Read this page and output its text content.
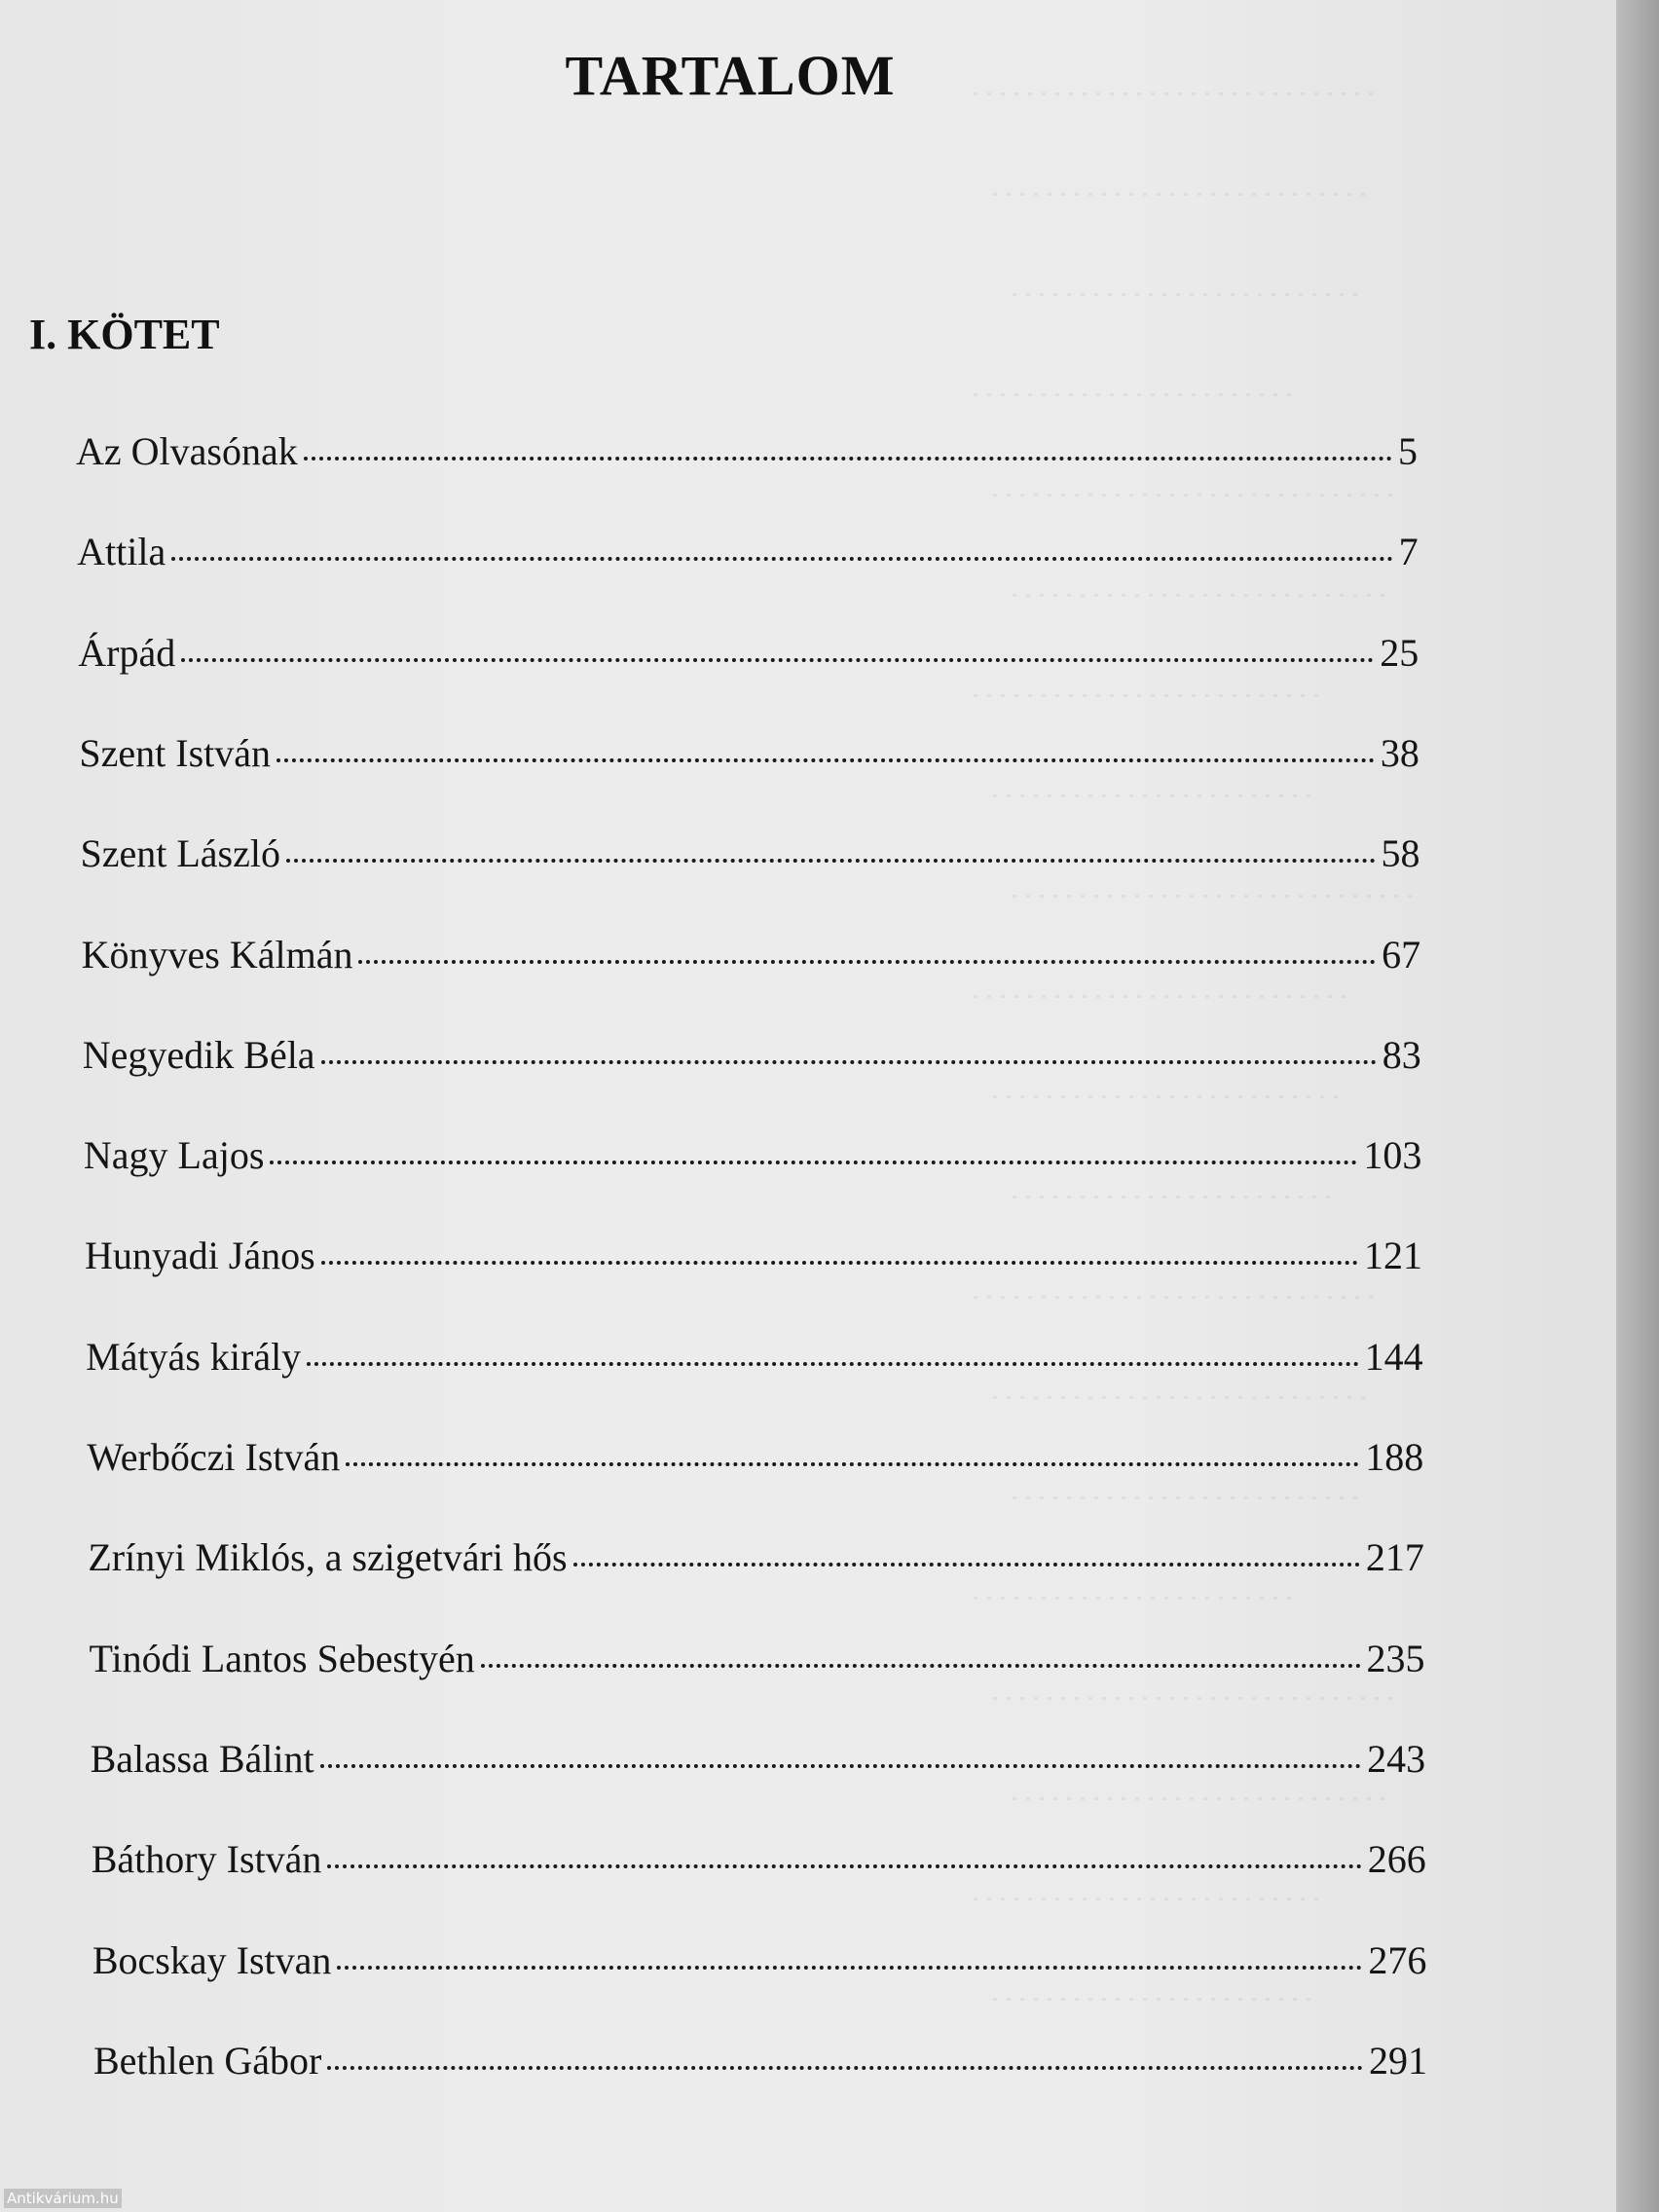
TARTALOM
I. KÖTET
Az Olvasónak	5
Attila	7
Árpád	25
Szent István	38
Szent László	58
Könyves Kálmán	67
Negyedik Béla	83
Nagy Lajos	103
Hunyadi János	121
Mátyás király	144
Werbőczi István	188
Zrínyi Miklós, a szigetvári hős	217
Tinódi Lantos Sebestyén	235
Balassa Bálint	243
Báthory István	266
Bocskay Istvan	276
Bethlen Gábor	291
Antikvárium.hu
